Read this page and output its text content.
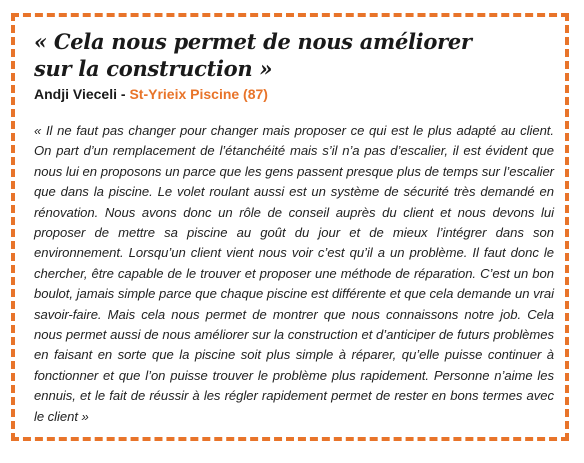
« Cela nous permet de nous améliorer
sur la construction »
Andji Vieceli - St-Yrieix Piscine (87)

« Il ne faut pas changer pour changer mais proposer ce qui est le plus adapté au client. On part d’un remplacement de l’étanchéité mais s’il n’a pas d’escalier, il est évident que nous lui en proposons un parce que les gens passent presque plus de temps sur l’escalier que dans la piscine. Le volet roulant aussi est un système de sécurité très demandé en rénovation. Nous avons donc un rôle de conseil auprès du client et nous devons lui proposer de mettre sa piscine au goût du jour et de mieux l’intégrer dans son environnement. Lorsqu’un client vient nous voir c’est qu’il a un problème. Il faut donc le chercher, être capable de le trouver et proposer une méthode de réparation. C’est un bon boulot, jamais simple parce que chaque piscine est différente et que cela demande un vrai savoir-faire. Mais cela nous permet de montrer que nous connaissons notre job. Cela nous permet aussi de nous améliorer sur la construction et d’anticiper de futurs problèmes en faisant en sorte que la piscine soit plus simple à réparer, qu’elle puisse continuer à fonctionner et que l’on puisse trouver le problème plus rapidement. Personne n’aime les ennuis, et le fait de réussir à les régler rapidement permet de rester en bons termes avec le client »
